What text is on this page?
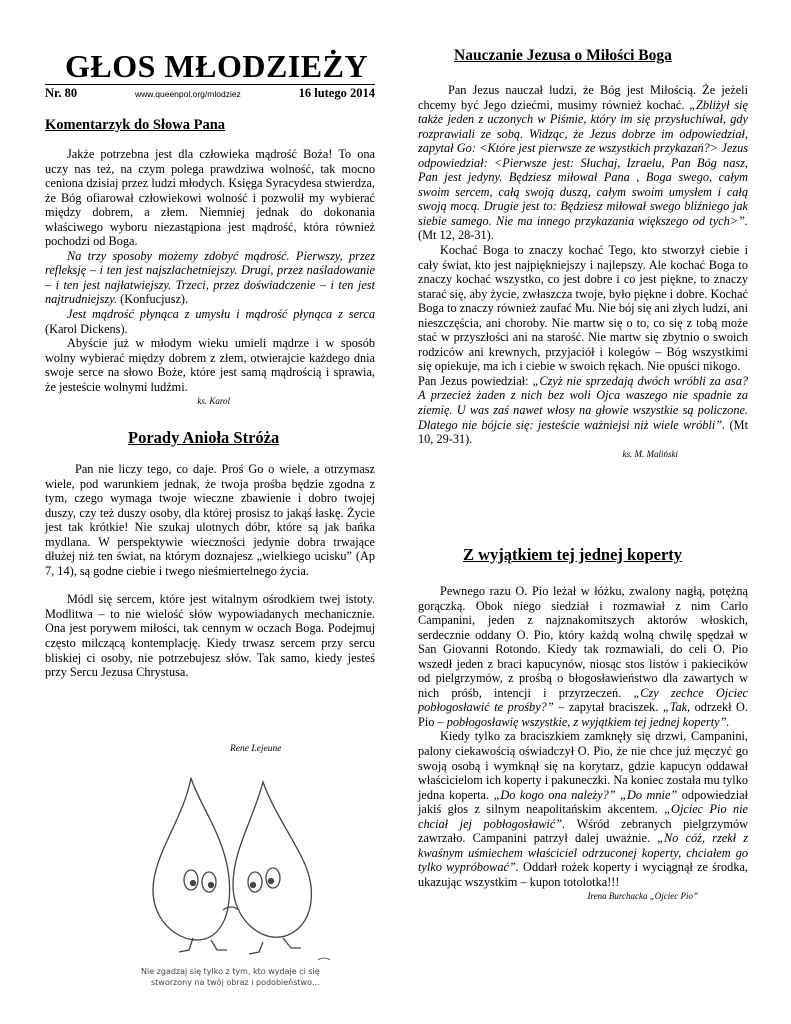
GŁOS MŁODZIEŻY
Nr. 80	www.queenpol.org/mlodziez	16 lutego 2014
Komentarzyk do Słowa Pana

Jakże potrzebna jest dla człowieka mądrość Boża! To ona uczy nas też, na czym polega prawdziwa wolność, tak mocno ceniona dzisiaj przez ludzi młodych. Księga Syracydesa stwierdza, że Bóg ofiarował człowiekowi wolność i pozwolił my wybierać między dobrem, a złem. Niemniej jednak do dokonania właściwego wyboru niezastąpiona jest mądrość, która również pochodzi od Boga.

Na trzy sposoby możemy zdobyć mądrość. Pierwszy, przez refleksję – i ten jest najszlachetniejszy. Drugi, przez naśladowanie – i ten jest najłatwiejszy. Trzeci, przez doświadczenie – i ten jest najtrudniejszy. (Konfucjusz).

Jest mądrość płynąca z umysłu i mądrość płynąca z serca (Karol Dickens).

Abyście już w młodym wieku umieli mądrze i w sposób wolny wybierać między dobrem z złem, otwierajcie każdego dnia swoje serce na słowo Boże, które jest samą mądrością i sprawia, że jesteście wolnymi ludźmi.

ks. Karol

Porady Anioła Stróża

Pan nie liczy tego, co daje. Proś Go o wiele, a otrzymasz wiele, pod warunkiem jednak, że twoja prośba będzie zgodna z tym, czego wymaga twoje wieczne zbawienie i dobro twojej duszy, czy też duszy osoby, dla której prosisz to jakąś łaskę. Życie jest tak krótkie! Nie szukaj ulotnych dóbr, które są jak bańka mydlana. W perspektywie wieczności jedynie dobra trwające dłużej niż ten świat, na którym doznajesz „wielkiego ucisku” (Ap 7, 14), są godne ciebie i twego nieśmiertelnego życia.

Módl się sercem, które jest witalnym ośrodkiem twej istoty. Modlitwa – to nie wielość słów wypowiadanych mechanicznie. Ona jest porywem miłości, tak cennym w oczach Boga. Podejmuj często milczącą kontemplację. Kiedy trwasz sercem przy sercu bliskiej ci osoby, nie potrzebujesz słów. Tak samo, kiedy jesteś przy Sercu Jezusa Chrystusa.

Rene Lejeune
Nie zgadzaj się tylko z tym, kto wydaje ci się
stworzony na twój obraz i podobieństwo...
Nauczanie Jezusa o Miłości Boga

Pan Jezus nauczał ludzi, że Bóg jest Miłością. Że jeżeli chcemy być Jego dziećmi, musimy również kochać. „Zbliżył się także jeden z uczonych w Piśmie, który im się przysłuchiwał, gdy rozprawiali ze sobą. Widząc, że Jezus dobrze im odpowiedział, zapytał Go: <Które jest pierwsze ze wszystkich przykazań?> Jezus odpowiedział: <Pierwsze jest: Słuchaj, Izraelu, Pan Bóg nasz, Pan jest jedyny. Będziesz miłował Pana , Boga swego, całym swoim sercem, całą swoją duszą, całym swoim umysłem i całą swoją mocą. Drugie jest to: Będziesz miłował swego bliźniego jak siebie samego. Nie ma innego przykazania większego od tych>”. (Mt 12, 28-31).

Kochać Boga to znaczy kochać Tego, kto stworzył ciebie i cały świat, kto jest najpiękniejszy i najlepszy. Ale kochać Boga to znaczy kochać wszystko, co jest dobre i co jest piękne, to znaczy starać się, aby życie, zwłaszcza twoje, było piękne i dobre. Kochać Boga to znaczy również zaufać Mu. Nie bój się ani złych ludzi, ani nieszczęścia, ani choroby. Nie martw się o to, co się z tobą może stać w przyszłości ani na starość. Nie martw się zbytnio o swoich rodziców ani krewnych, przyjaciół i kolegów – Bóg wszystkimi się opiekuje, ma ich i ciebie w swoich rękach. Nie opuści nikogo.

Pan Jezus powiedział: „Czyż nie sprzedają dwóch wróbli za asa? A przecież żaden z nich bez woli Ojca waszego nie spadnie za ziemię. U was zaś nawet włosy na głowie wszystkie są policzone. Dlatego nie bójcie się: jesteście ważniejsi niż wiele wróbli”. (Mt 10, 29-31).

ks. M. Maliński

Z wyjątkiem tej jednej koperty

Pewnego razu O. Pio leżał w łóżku, zwalony nagłą, potężną gorączką. Obok niego siedział i rozmawiał z nim Carlo Campanini, jeden z najznakomitszych aktorów włoskich, serdecznie oddany O. Pio, który każdą wolną chwilę spędzał w San Giovanni Rotondo. Kiedy tak rozmawiali, do celi O. Pio wszedł jeden z braci kapucynów, niosąc stos listów i pakiecików od pielgrzymów, z prośbą o błogosławieństwo dla zawartych w nich próśb, intencji i przyrzeczeń. „Czy zechce Ojciec pobłogosławić te prośby?” – zapytał braciszek. „Tak, odrzekł O. Pio – pobłogosławię wszystkie, z wyjątkiem tej jednej koperty”.

Kiedy tylko za braciszkiem zamknęły się drzwi, Campanini, palony ciekawością oświadczył O. Pio, że nie chce już męczyć go swoją osobą i wymknął się na korytarz, gdzie kapucyn oddawał właścicielom ich koperty i pakuneczki. Na koniec została mu tylko jedna koperta. „Do kogo ona należy?” „Do mnie” odpowiedział jakiś głos z silnym neapolitańskim akcentem. „Ojciec Pio nie chciał jej pobłogosławić”. Wśród zebranych pielgrzymów zawrzało. Campanini patrzył dalej uważnie. „No cóż, rzekł z kwaśnym uśmiechem właściciel odrzuconej koperty, chciałem go tylko wypróbować”. Oddarł rożek koperty i wyciągnął ze środka, ukazując wszystkim – kupon totolotka!!!

Irena Burchacka „Ojciec Pio”
